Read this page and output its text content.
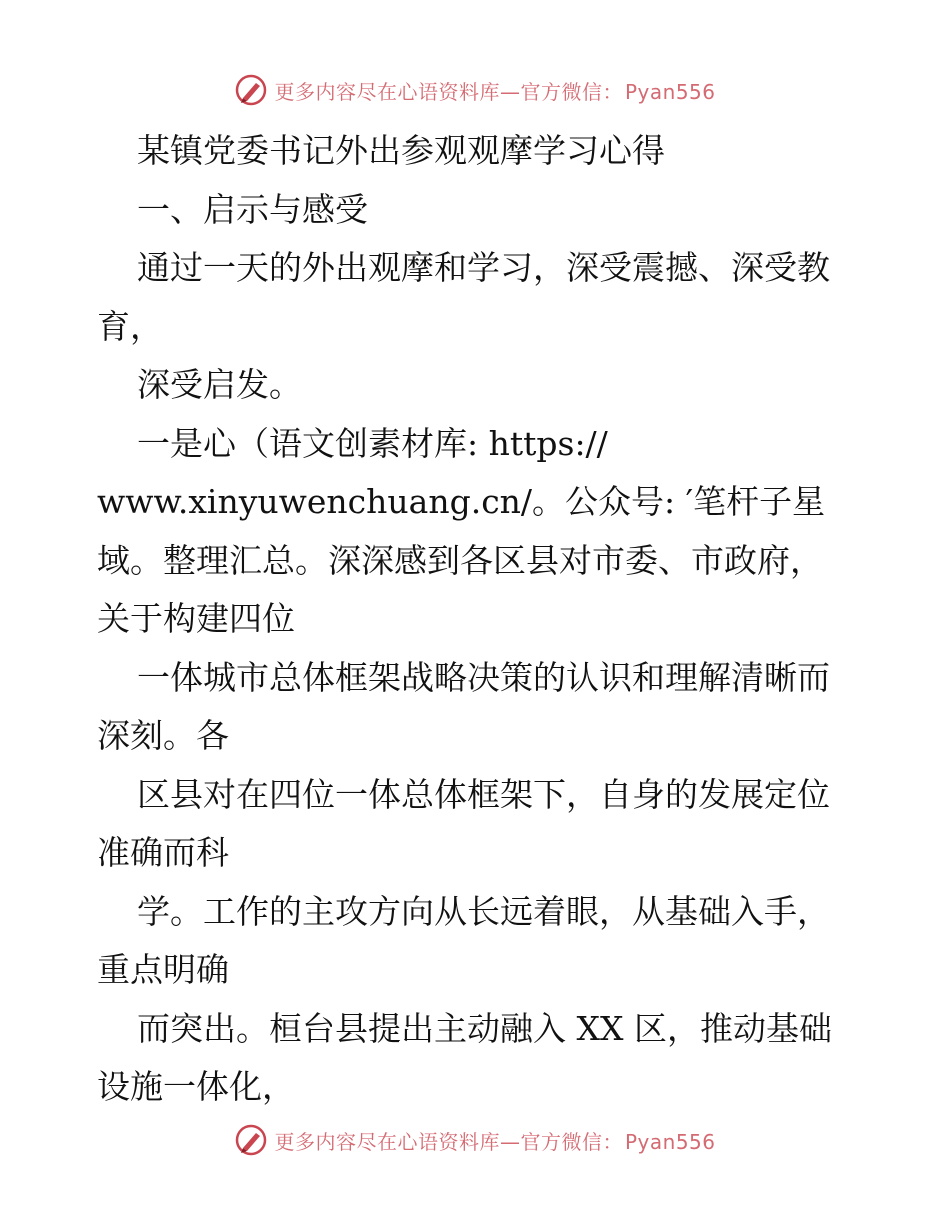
更多内容尽在心语资料库—官方微信： Pyan556
某镇党委书记外出参观观摩学习心得
一、启示与感受
通过一天的外出观摩和学习，深受震撼、深受教
育，
深受启发。
一是心（语文创素材库: https://
www.xinyuwenchuang.cn/。公众号: ′笔杆子星
域。整理汇总。深深感到各区县对市委、市政府，
关于构建四位
一体城市总体框架战略决策的认识和理解清晰而
深刻。各
区县对在四位一体总体框架下，自身的发展定位
准确而科
学。工作的主攻方向从长远着眼，从基础入手，
重点明确
而突出。桓台县提出主动融入 XX 区，推动基础
设施一体化，
更多内容尽在心语资料库—官方微信： Pyan556
